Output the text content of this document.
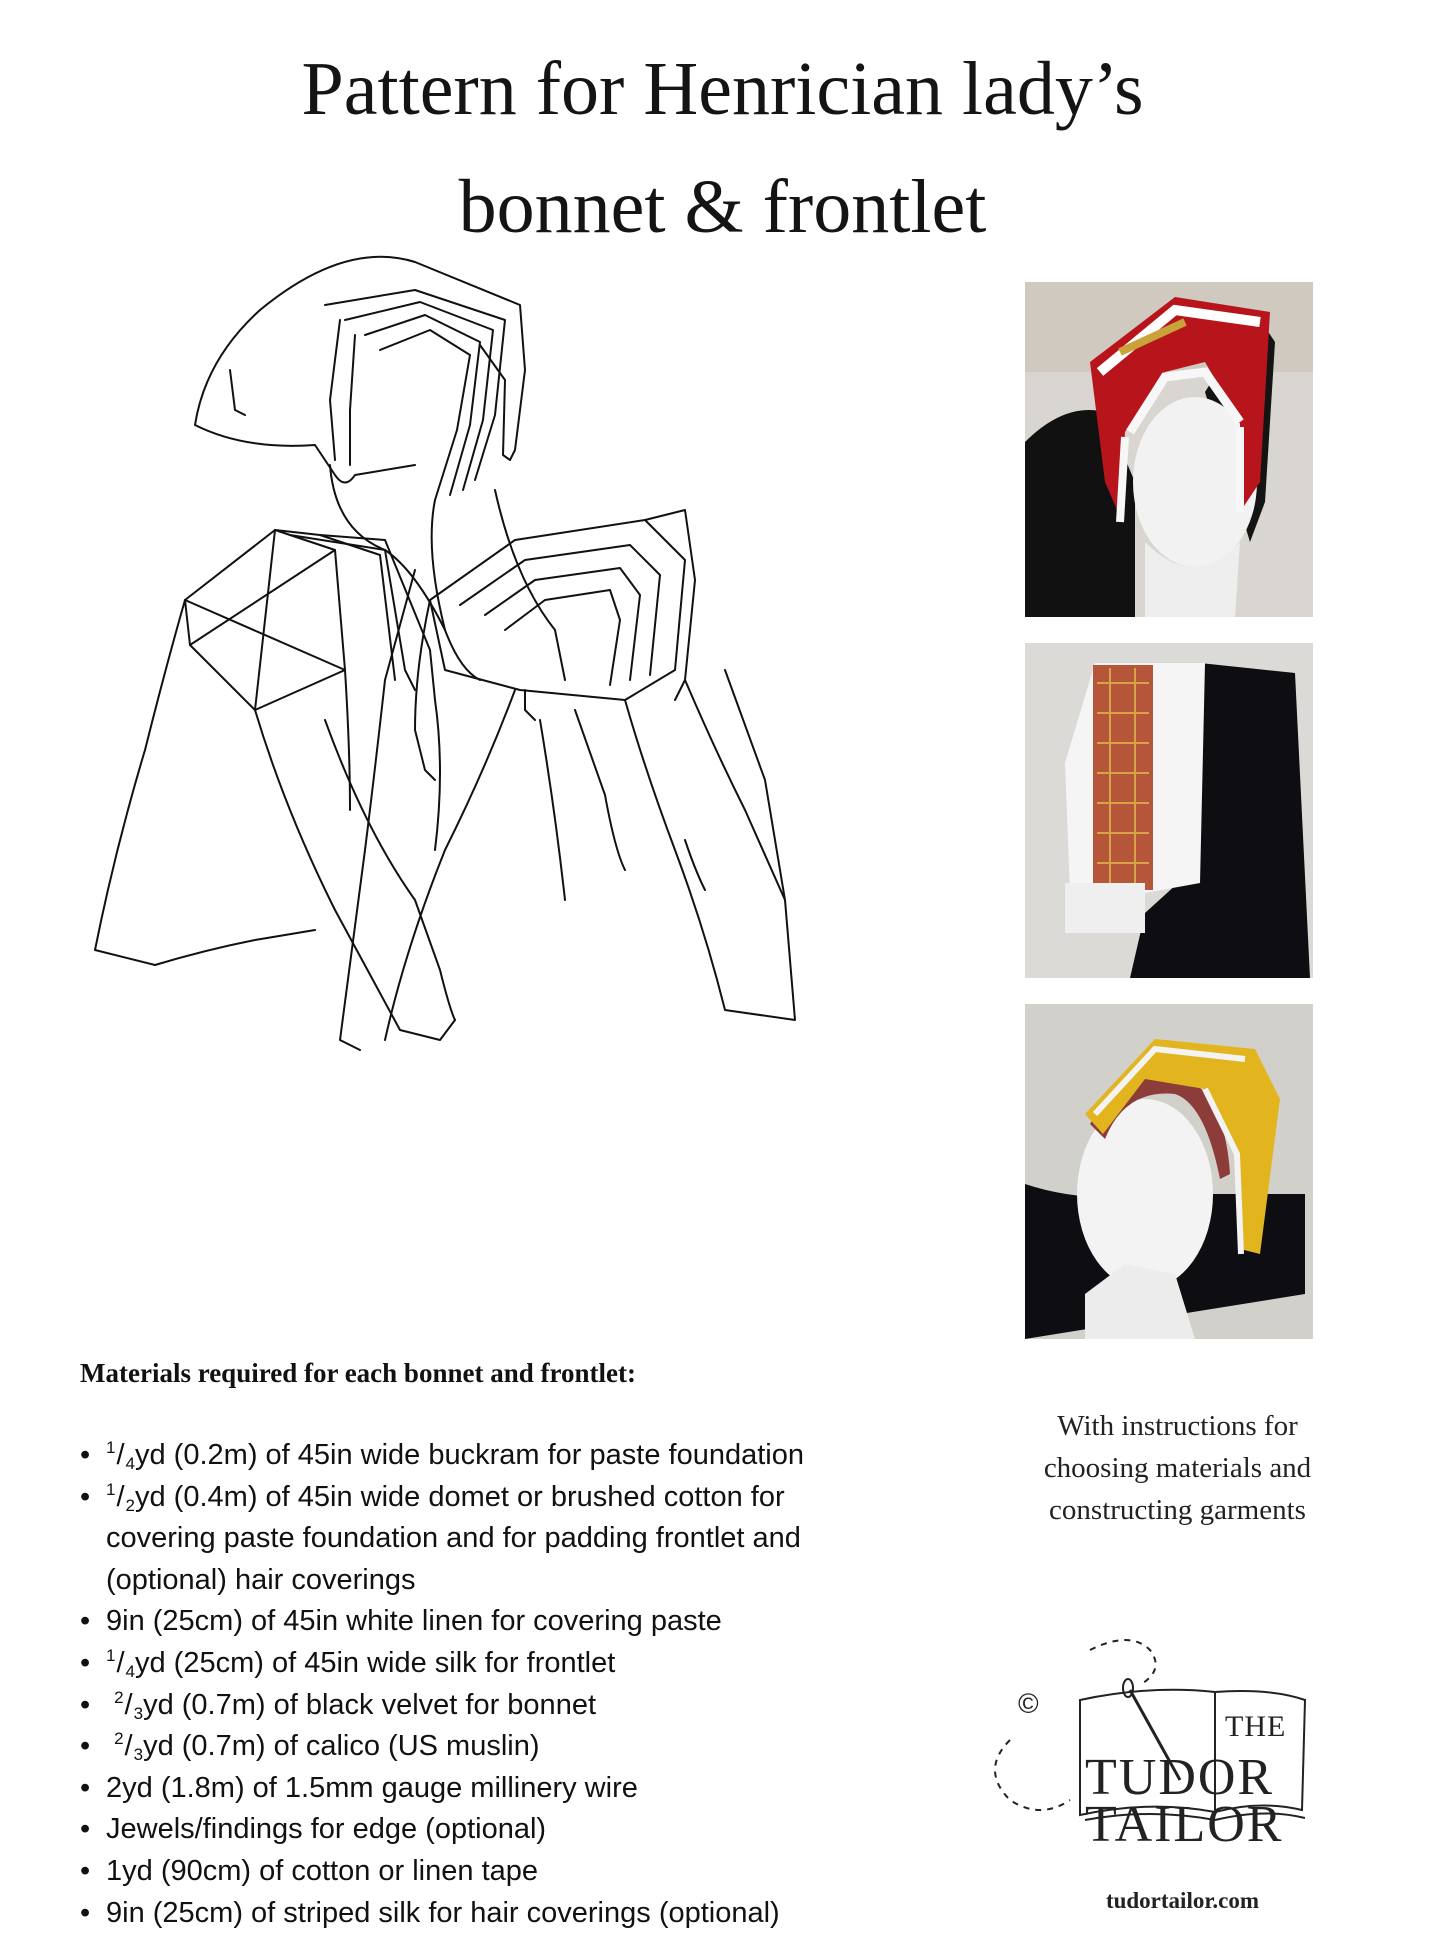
Pattern for Henrician lady’s
bonnet & frontlet
Materials required for each bonnet and frontlet:
• $^1/_4yd$ (0.2m) of 45in wide buckram for paste foundation
• $^1/_2yd$ (0.4m) of 45in wide domet or brushed cotton for
covering paste foundation and for padding frontlet and
(optional) hair coverings
• 9in (25cm) of 45in white linen for covering paste
• $^1/_4yd$ (25cm) of 45in wide silk for frontlet
• $^2/_3yd$ (0.7m) of black velvet for bonnet
• $^2/_3yd$ (0.7m) of calico (US muslin)
• 2yd (1.8m) of 1.5mm gauge millinery wire
• Jewels/findings for edge (optional)
• 1yd (90cm) of cotton or linen tape
• 9in (25cm) of striped silk for hair coverings (optional)
With instructions for
choosing materials and
constructing garments
©
THE
TUDOR
TAILOR
tudortailor.com
